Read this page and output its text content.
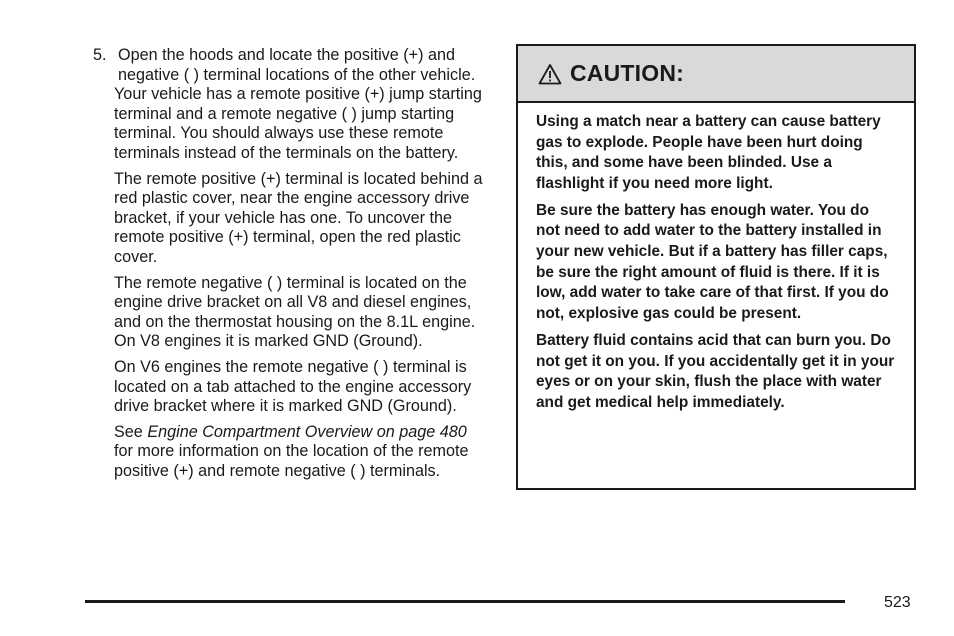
5. Open the hoods and locate the positive (+) and negative ( ) terminal locations of the other vehicle.

Your vehicle has a remote positive (+) jump starting terminal and a remote negative ( ) jump starting terminal. You should always use these remote terminals instead of the terminals on the battery.

The remote positive (+) terminal is located behind a red plastic cover, near the engine accessory drive bracket, if your vehicle has one. To uncover the remote positive (+) terminal, open the red plastic cover.

The remote negative ( ) terminal is located on the engine drive bracket on all V8 and diesel engines, and on the thermostat housing on the 8.1L engine. On V8 engines it is marked GND (Ground).

On V6 engines the remote negative ( ) terminal is located on a tab attached to the engine accessory drive bracket where it is marked GND (Ground).

See Engine Compartment Overview on page 480 for more information on the location of the remote positive (+) and remote negative ( ) terminals.

CAUTION:

Using a match near a battery can cause battery gas to explode. People have been hurt doing this, and some have been blinded. Use a flashlight if you need more light.

Be sure the battery has enough water. You do not need to add water to the battery installed in your new vehicle. But if a battery has filler caps, be sure the right amount of fluid is there. If it is low, add water to take care of that first. If you do not, explosive gas could be present.

Battery fluid contains acid that can burn you. Do not get it on you. If you accidentally get it in your eyes or on your skin, flush the place with water and get medical help immediately.

523
